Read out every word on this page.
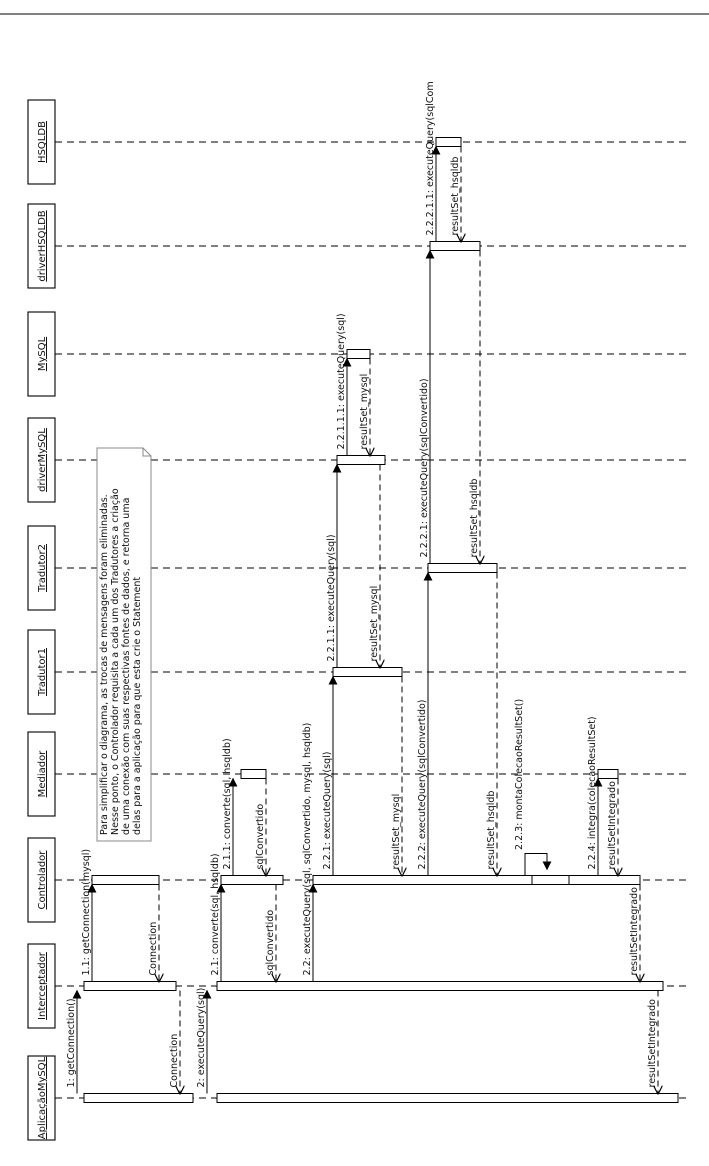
1: getConnection()	Connection
1.1: getConnection(mysql)	Connection
2: executeQuery(sql)	resultSetIntegrado
2.1: converte(sql, hsqldb)	sqlConvertido
2.1.1: converte(sql, hsqldb) sqlConvertido	2.2: executeQuery(sql, sqlConvertido, mysql, hsqldb)	resultSetIntegrado
2.2.1: executeQuery(sql)	resultSet_mysql
2.2.1.1: executeQuery(sql)	resultSet_mysql
2.2.1.1.1: executeQuery(sql) resultSet_mysql
2.2.2: executeQuery(sqlConvertido)	resultSet_hsqldb
2.2.2.1: executeQuery(sqlConvertido)	resultSet_hsqldb
2.2.2.1.1: executeQuery(sqlCom resultSet_hsqldb
2.2.3: montaColecaoResultSet()	2.2.4: integra(colecaoResultSet) resultSetIntegrado
AplicaçãoMySQL
Interceptador
Controlador
Mediador
Tradutor1
Tradutor2
driverMySQL
MySQL
driverHSQLDB
HSQLDB
Para simplificar o diagrama, as trocas de mensagens foram eliminadas. Nesse ponto, o Controlador requisita a cada um dos Tradutores a criação de uma conexão com suas respectivas fontes de dados, e retorna uma delas para a aplicação para que esta crie o Statement
